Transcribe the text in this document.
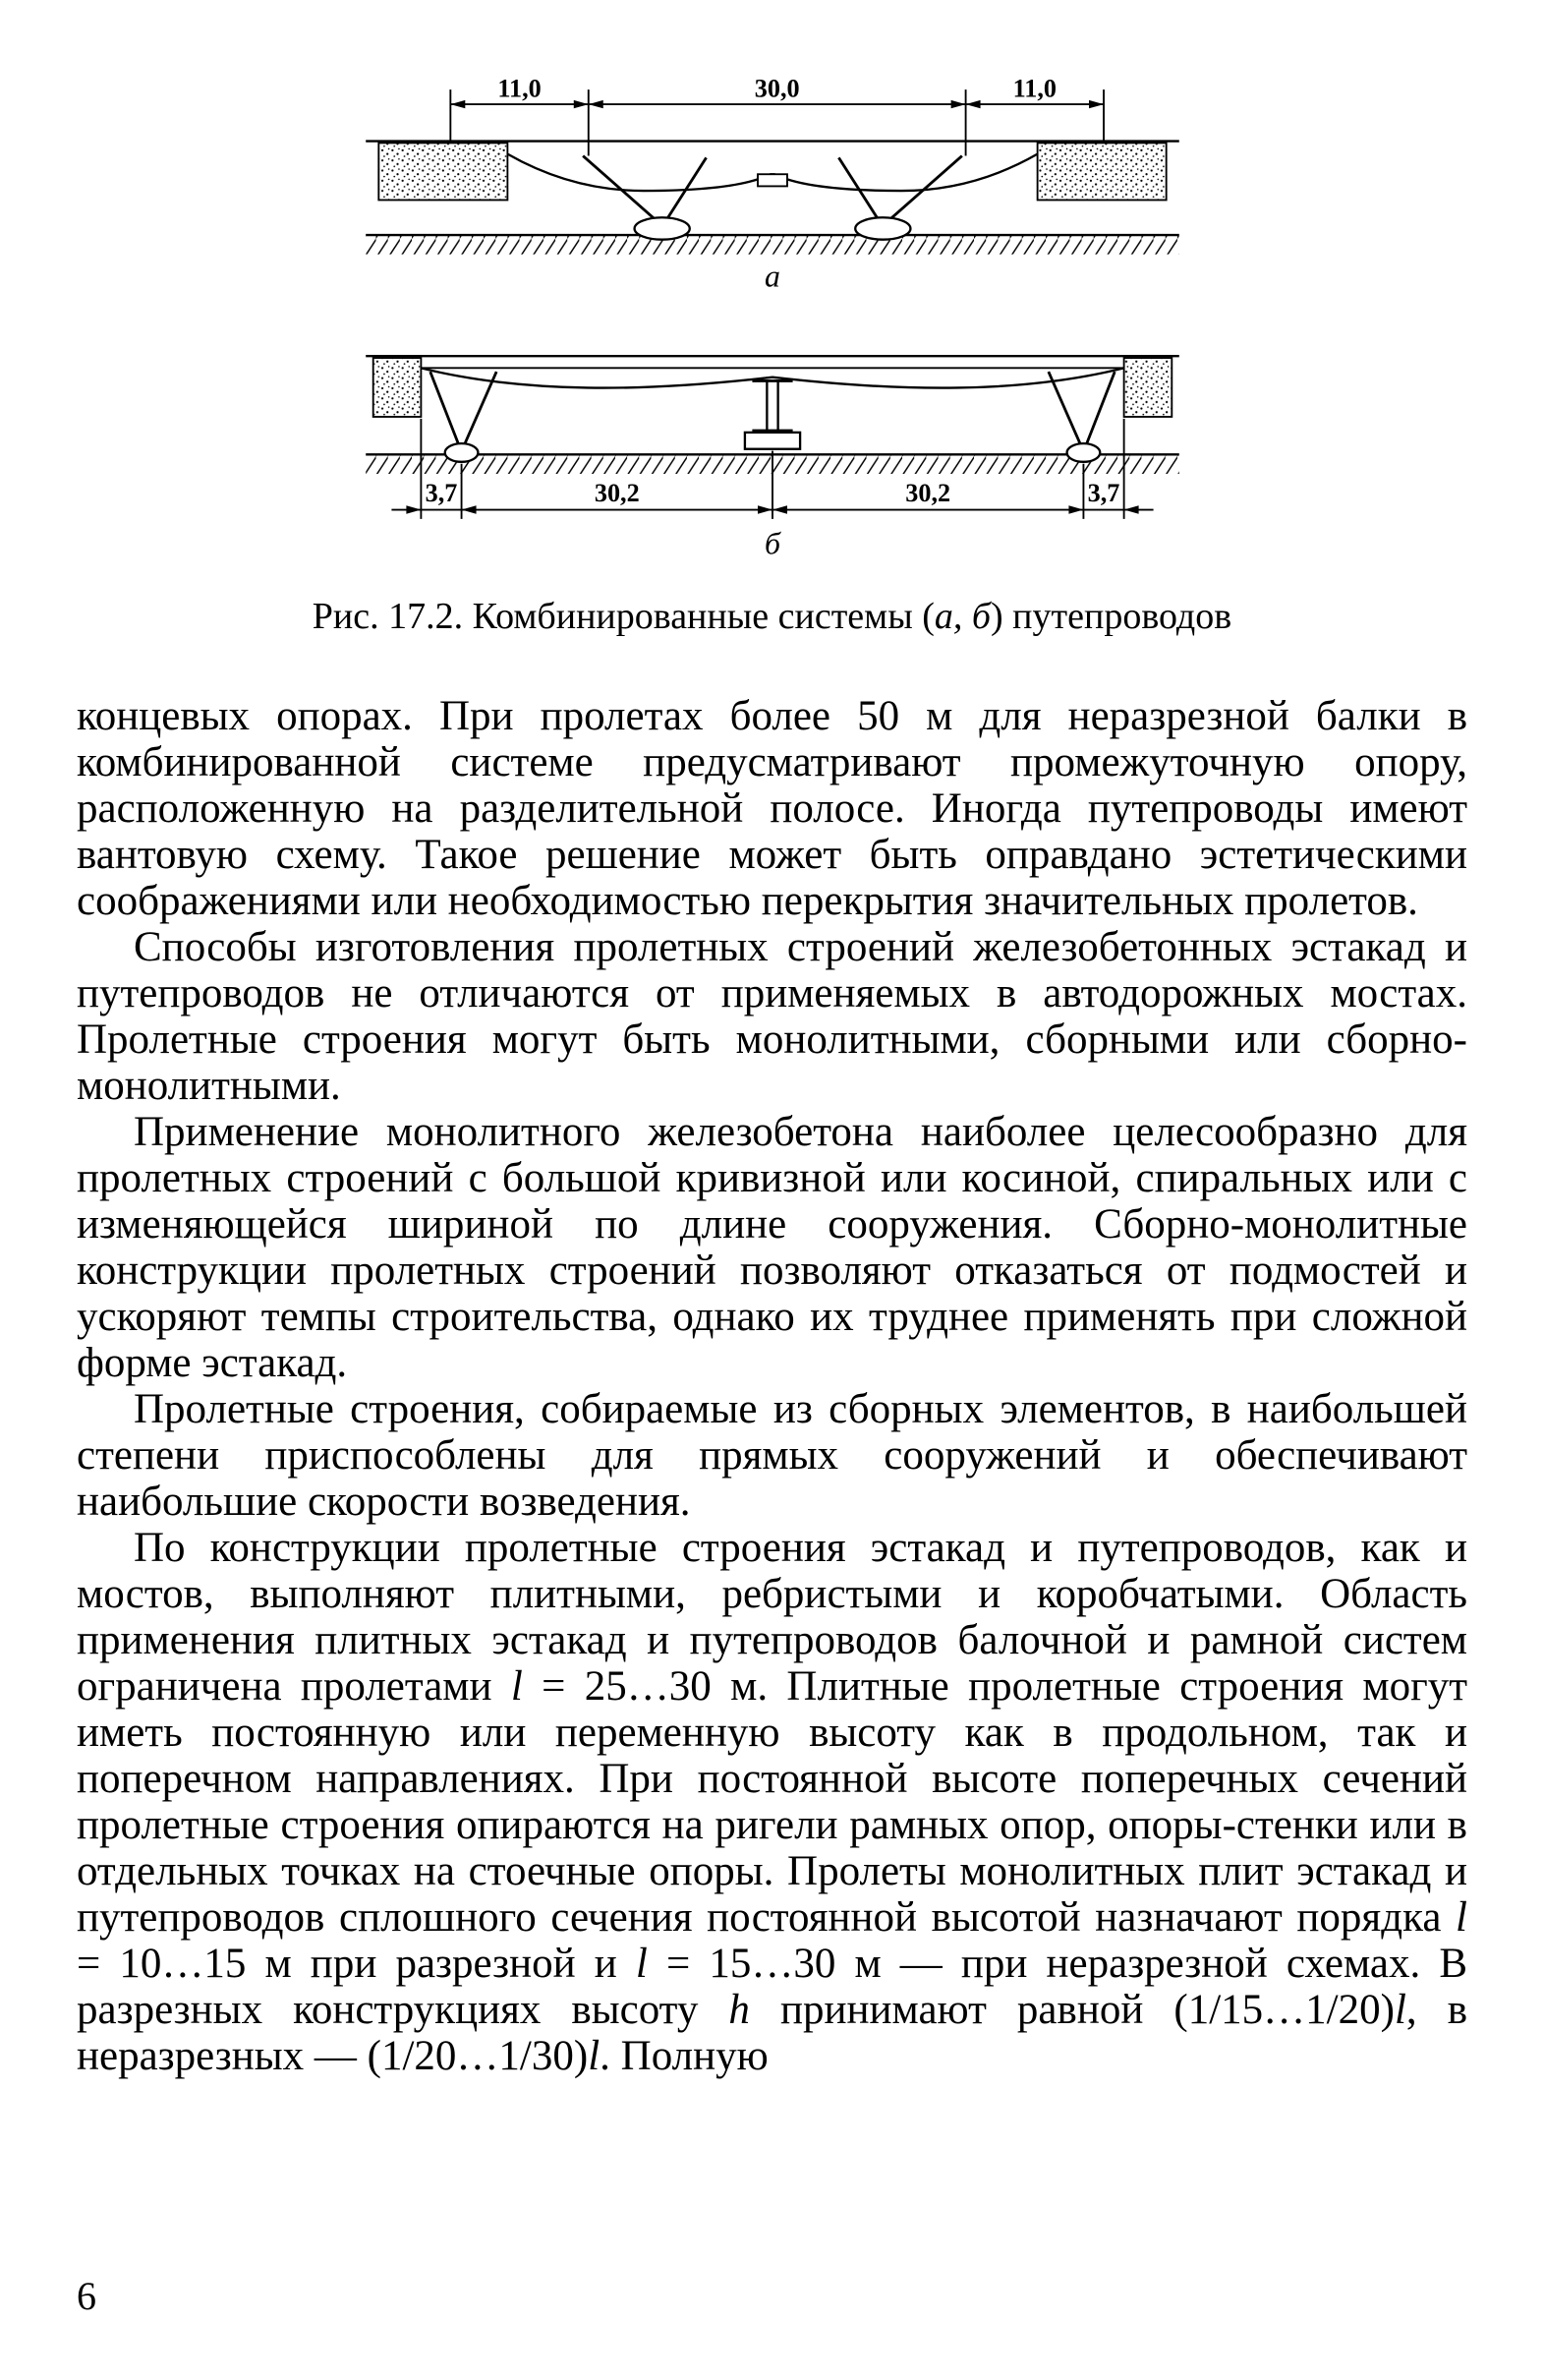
11,0	30,0	11,0
а
3,7	30,2	30,2	3,7
б
Рис. 17.2. Комбинированные системы (а, б) путепроводов

концевых опорах. При пролетах более 50 м для неразрезной балки в комбинированной системе предусматривают промежуточную опору, расположенную на разделительной полосе. Иногда путепроводы имеют вантовую схему. Такое решение может быть оправдано эстетическими соображениями или необходимостью перекрытия значительных пролетов.

Способы изготовления пролетных строений железобетонных эстакад и путепроводов не отличаются от применяемых в автодорожных мостах. Пролетные строения могут быть монолитными, сборными или сборно-монолитными.

Применение монолитного железобетона наиболее целесообразно для пролетных строений с большой кривизной или косиной, спиральных или с изменяющейся шириной по длине сооружения. Сборно-монолитные конструкции пролетных строений позволяют отказаться от подмостей и ускоряют темпы строительства, однако их труднее применять при сложной форме эстакад.

Пролетные строения, собираемые из сборных элементов, в наибольшей степени приспособлены для прямых сооружений и обеспечивают наибольшие скорости возведения.

По конструкции пролетные строения эстакад и путепроводов, как и мостов, выполняют плитными, ребристыми и коробчатыми. Область применения плитных эстакад и путепроводов балочной и рамной систем ограничена пролетами l = 25…30 м. Плитные пролетные строения могут иметь постоянную или переменную высоту как в продольном, так и поперечном направлениях. При постоянной высоте поперечных сечений пролетные строения опираются на ригели рамных опор, опоры-стенки или в отдельных точках на стоечные опоры. Пролеты монолитных плит эстакад и путепроводов сплошного сечения постоянной высотой назначают порядка l = 10…15 м при разрезной и l = 15…30 м — при неразрезной схемах. В разрезных конструкциях высоту h принимают равной (1/15…1/20)l, в неразрезных — (1/20…1/30)l. Полную

6
